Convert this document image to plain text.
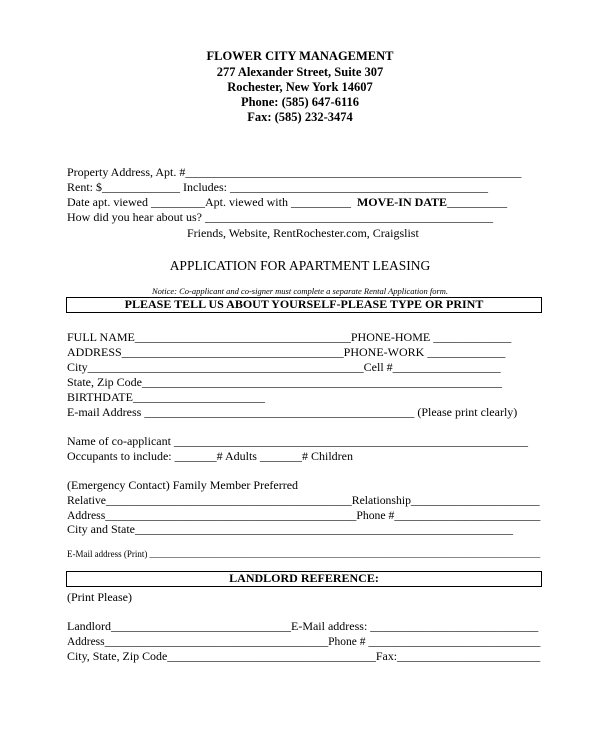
FLOWER CITY MANAGEMENT
277 Alexander Street, Suite 307
Rochester, New York 14607
Phone: (585) 647-6116
Fax: (585) 232-3474
Property Address, Apt. #________________________________________________________
Rent: $_____________ Includes: ___________________________________________
Date apt. viewed _________Apt. viewed with __________ MOVE-IN DATE__________
How did you hear about us? ________________________________________________
Friends, Website, RentRochester.com, Craigslist
APPLICATION FOR APARTMENT LEASING
Notice: Co-applicant and co-signer must complete a separate Rental Application form.
PLEASE TELL US ABOUT YOURSELF-PLEASE TYPE OR PRINT
FULL NAME____________________________________PHONE-HOME _____________
ADDRESS_____________________________________PHONE-WORK _____________
City______________________________________________Cell #__________________
State, Zip Code____________________________________________________________
BIRTHDATE______________________
E-mail Address _____________________________________________ (Please print clearly)
Name of co-applicant ___________________________________________________________
Occupants to include: _______# Adults _______# Children
(Emergency Contact) Family Member Preferred
Relative__________________________________________Relationship______________________
Address___________________________________________Phone #_________________________
City and State_______________________________________________________________
E-Mail address (Print) _______________________________________________________________________________________
LANDLORD REFERENCE:
(Print Please)
Landlord______________________________E-Mail address: ____________________________
Address_______________________________________Phone # ______________________________
City, State, Zip Code___________________________________Fax:________________________
